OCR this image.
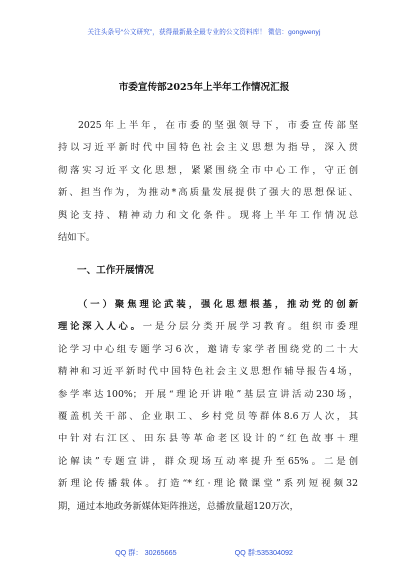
关注头条号“公文研究”，获得最新最全最专业的公文资料库！ 微信：gongwenyj
市委宣传部2025年上半年工作情况汇报
2025年上半年，在市委的坚强领导下，市委宣传部坚
持以习近平新时代中国特色社会主义思想为指导，深入贯
彻落实习近平文化思想，紧紧围绕全市中心工作，守正创
新、担当作为，为推动*高质量发展提供了强大的思想保证、
舆论支持、精神动力和文化条件。现将上半年工作情况总
结如下。
一、工作开展情况
（一）聚焦理论武装，强化思想根基，推动党的创新
理论深入人心。一是分层分类开展学习教育。组织市委理
论学习中心组专题学习6次，邀请专家学者围绕党的二十大
精神和习近平新时代中国特色社会主义思想作辅导报告4场，
参学率达100%；开展“理论开讲啦”基层宣讲活动230场，
覆盖机关干部、企业职工、乡村党员等群体8.6万人次，其
中针对右江区、田东县等革命老区设计的“红色故事＋理
论解读”专题宣讲，群众现场互动率提升至65%。二是创
新理论传播载体。打造“*红·理论微课堂”系列短视频32
期，通过本地政务新媒体矩阵推送，总播放量超120万次，
QQ 群： 30265665	QQ 群:535304092
